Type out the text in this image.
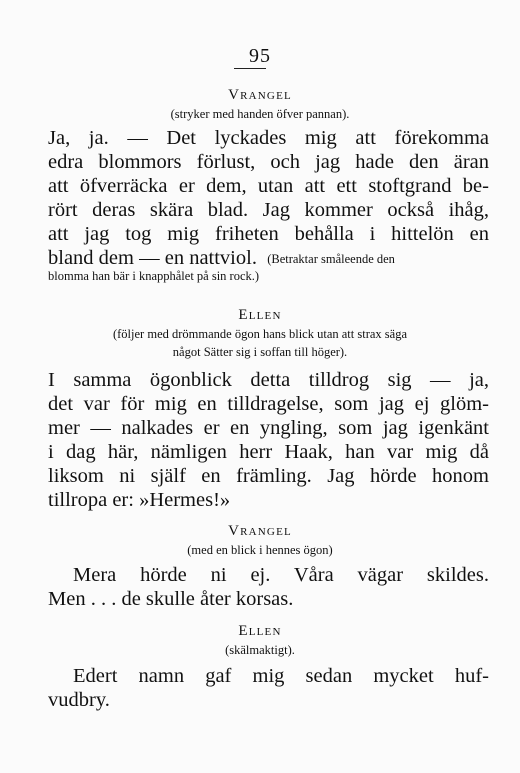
95
Vrangel
(stryker med handen öfver pannan).
Ja, ja. — Det lyckades mig att förekomma
edra blommors förlust, och jag hade den äran
att öfverräcka er dem, utan att ett stoftgrand be-
rört deras skära blad. Jag kommer också ihåg,
att jag tog mig friheten behålla i hittelön en
bland dem — en nattviol. (Betraktar småleende den
blomma han bär i knapphålet på sin rock.)
Ellen
(följer med drömmande ögon hans blick utan att strax säga
något Sätter sig i soffan till höger).
I samma ögonblick detta tilldrog sig — ja,
det var för mig en tilldragelse, som jag ej glöm-
mer — nalkades er en yngling, som jag igenkänt
i dag här, nämligen herr Haak, han var mig då
liksom ni själf en främling. Jag hörde honom
tillropa er: »Hermes!»
Vrangel
(med en blick i hennes ögon)
Mera hörde ni ej. Våra vägar skildes.
Men . . . de skulle åter korsas.
Ellen
(skälmaktigt).
Edert namn gaf mig sedan mycket huf-
vudbry.
